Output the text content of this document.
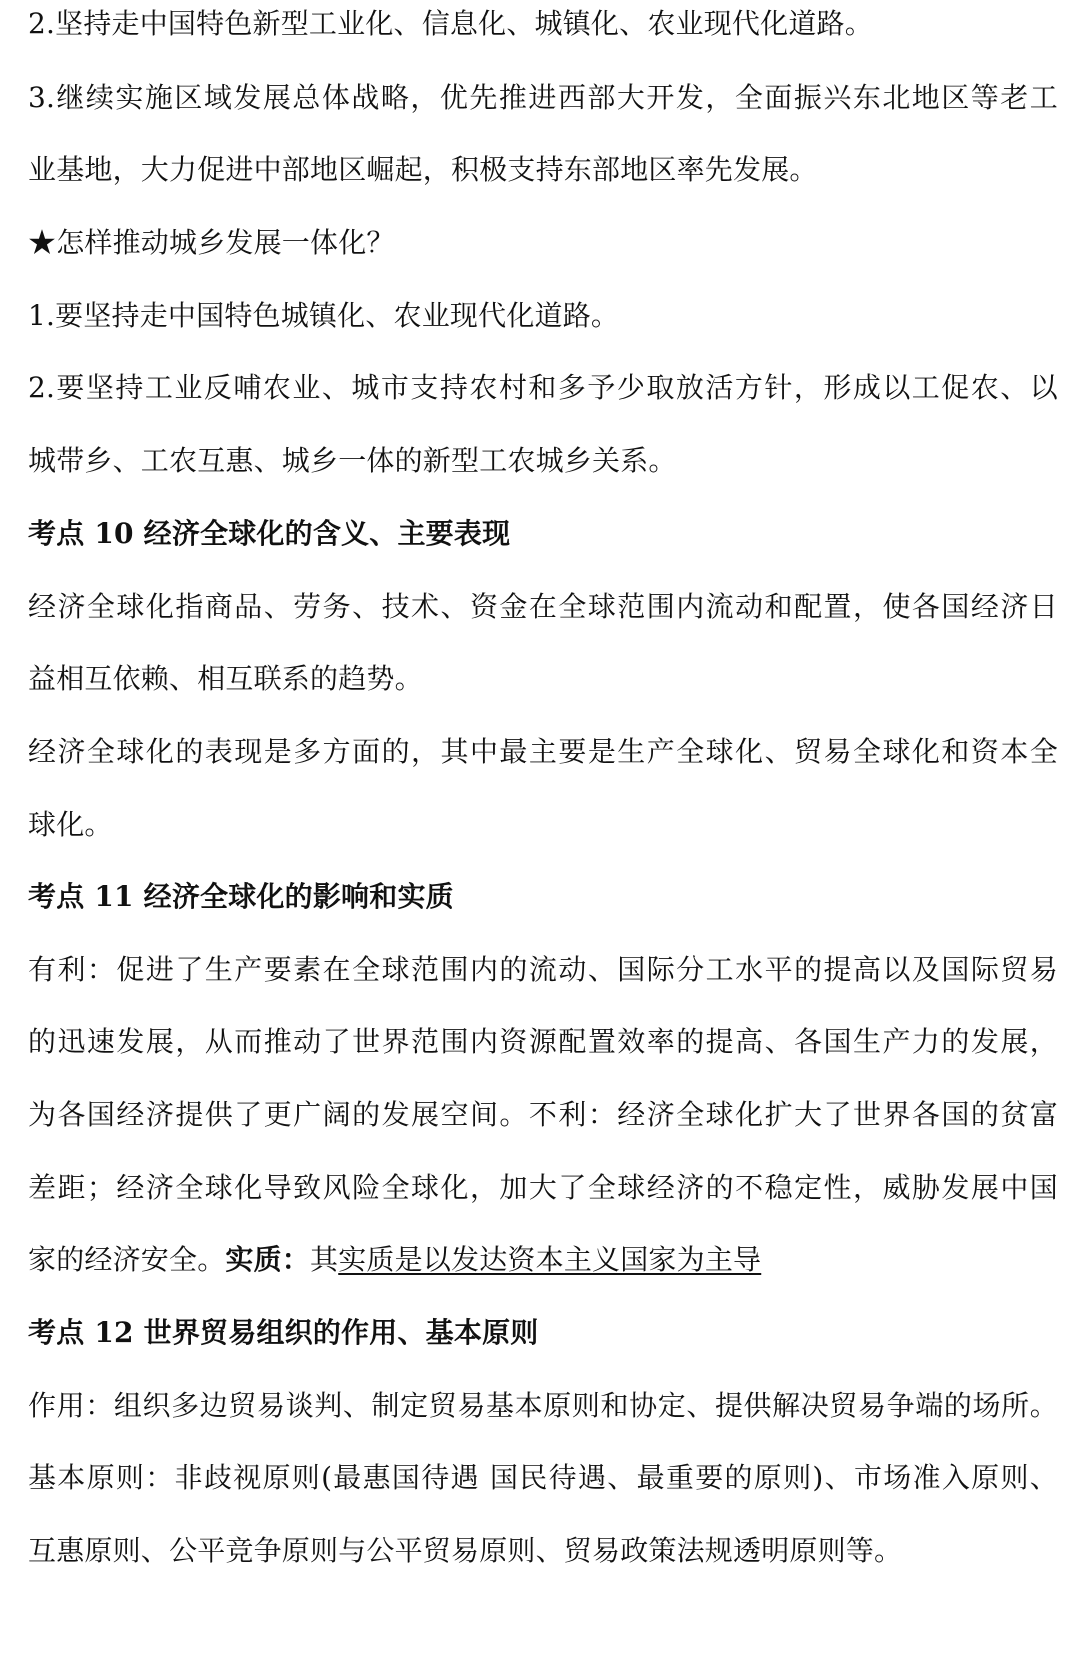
2.坚持走中国特色新型工业化、信息化、城镇化、农业现代化道路。
3.继续实施区域发展总体战略，优先推进西部大开发，全面振兴东北地区等老工
业基地，大力促进中部地区崛起，积极支持东部地区率先发展。
★怎样推动城乡发展一体化？
1.要坚持走中国特色城镇化、农业现代化道路。
2.要坚持工业反哺农业、城市支持农村和多予少取放活方针，形成以工促农、以
城带乡、工农互惠、城乡一体的新型工农城乡关系。
考点 10 经济全球化的含义、主要表现
经济全球化指商品、劳务、技术、资金在全球范围内流动和配置，使各国经济日
益相互依赖、相互联系的趋势。
经济全球化的表现是多方面的，其中最主要是生产全球化、贸易全球化和资本全
球化。
考点 11 经济全球化的影响和实质
有利：促进了生产要素在全球范围内的流动、国际分工水平的提高以及国际贸易
的迅速发展，从而推动了世界范围内资源配置效率的提高、各国生产力的发展，
为各国经济提供了更广阔的发展空间。不利：经济全球化扩大了世界各国的贫富
差距；经济全球化导致风险全球化，加大了全球经济的不稳定性，威胁发展中国
家的经济安全。实质：其实质是以发达资本主义国家为主导
考点 12 世界贸易组织的作用、基本原则
作用：组织多边贸易谈判、制定贸易基本原则和协定、提供解决贸易争端的场所。
基本原则：非歧视原则(最惠国待遇 国民待遇、最重要的原则)、市场准入原则、
互惠原则、公平竞争原则与公平贸易原则、贸易政策法规透明原则等。
